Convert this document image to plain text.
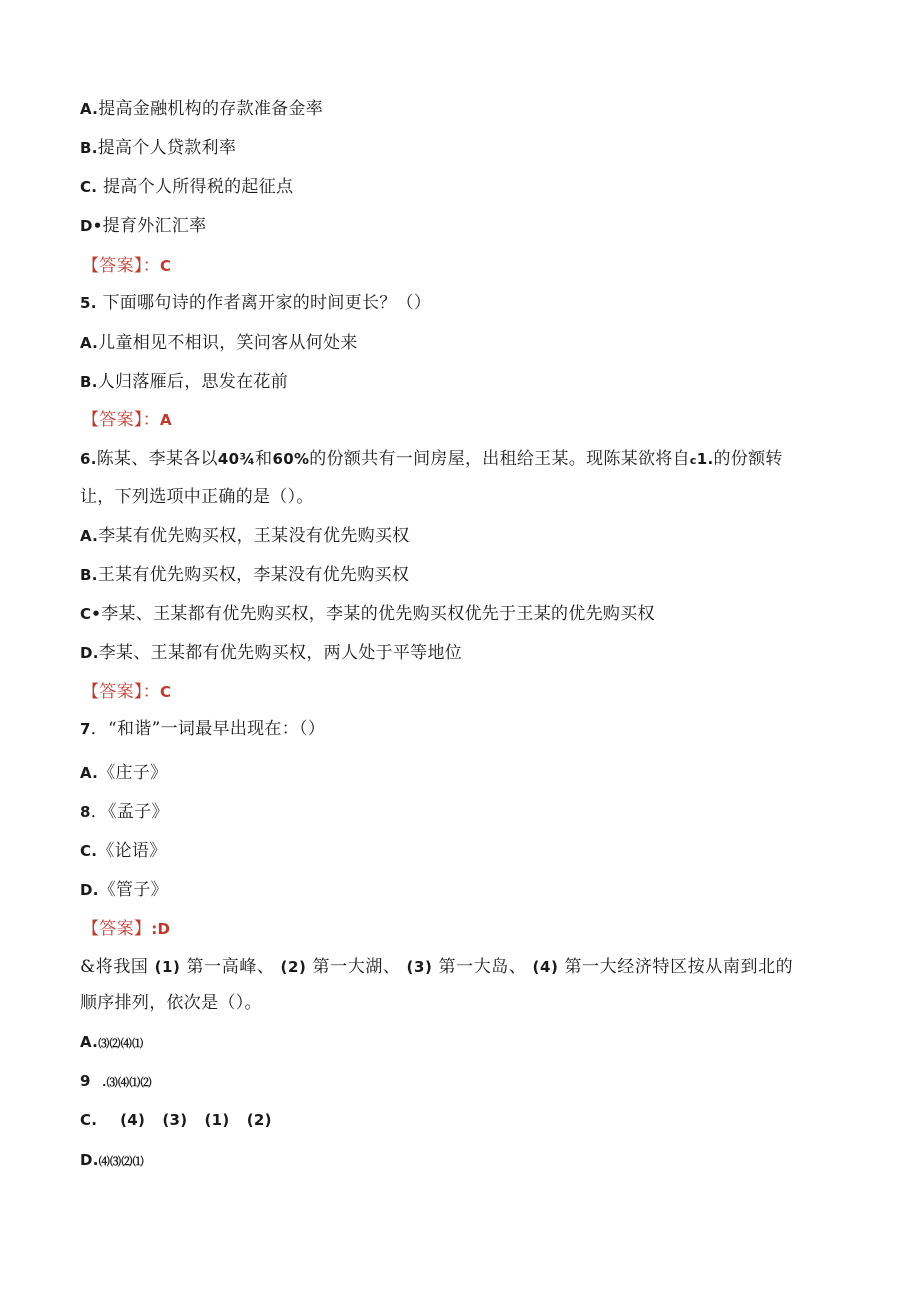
A.提高金融机构的存款准备金率
B.提高个人贷款利率
C. 提高个人所得税的起征点
D•提育外汇汇率
【答案】：C
5. 下面哪句诗的作者离开家的时间更长？（）
A.儿童相见不相识，笑问客从何处来
B.人归落雁后，思发在花前
【答案】：A
6.陈某、李某各以40¾和60%的份额共有一间房屋，出租给王某。现陈某欲将自c1.的份额转
让，下列选项中正确的是（）。
A.李某有优先购买权，王某没有优先购买权
B.王某有优先购买权，李某没有优先购买权
C•李某、王某都有优先购买权，李某的优先购买权优先于王某的优先购买权
D.李某、王某都有优先购买权，两人处于平等地位
【答案】：C
7．“和谐”一词最早出现在：（）
A.《庄子》
8．《孟子》
C.《论语》
D.《管子》
【答案】:D
&将我国 (1) 第一高峰、 (2) 第一大湖、 (3) 第一大岛、 (4) 第一大经济特区按从南到北的
顺序排列，依次是（）。
A.⑶⑵⑷⑴
9 .⑶⑷⑴⑵
C. (4) (3) (1) (2)
D.⑷⑶⑵⑴
